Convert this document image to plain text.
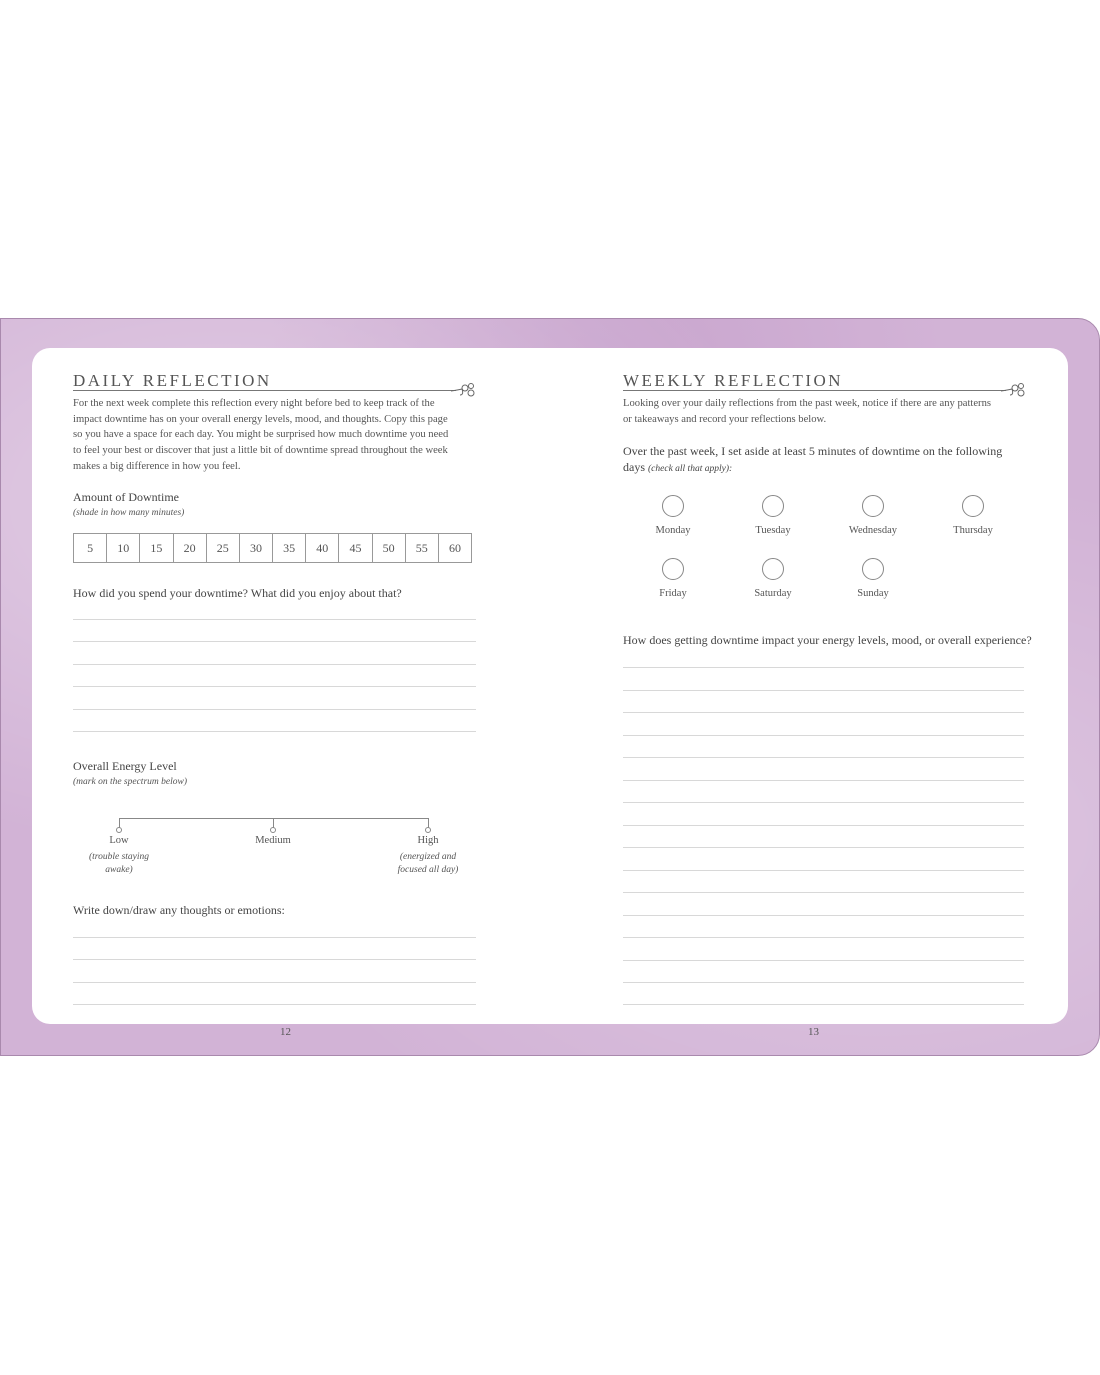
DAILY REFLECTION
For the next week complete this reflection every night before bed to keep track of the
impact downtime has on your overall energy levels, mood, and thoughts. Copy this page
so you have a space for each day. You might be surprised how much downtime you need
to feel your best or discover that just a little bit of downtime spread throughout the week
makes a big difference in how you feel.
Amount of Downtime
(shade in how many minutes)
5	10	15	20	25	30	35	40	45	50	55	60
How did you spend your downtime? What did you enjoy about that?
Overall Energy Level
(mark on the spectrum below)
Low
(trouble staying
awake)
Medium	High
(energized and
focused all day)
Write down/draw any thoughts or emotions:
12
WEEKLY REFLECTION
Looking over your daily reflections from the past week, notice if there are any patterns
or takeaways and record your reflections below.
Over the past week, I set aside at least 5 minutes of downtime on the following
days (check all that apply):
Monday	Tuesday	Wednesday	Thursday
Friday	Saturday	Sunday
How does getting downtime impact your energy levels, mood, or overall experience?
13
